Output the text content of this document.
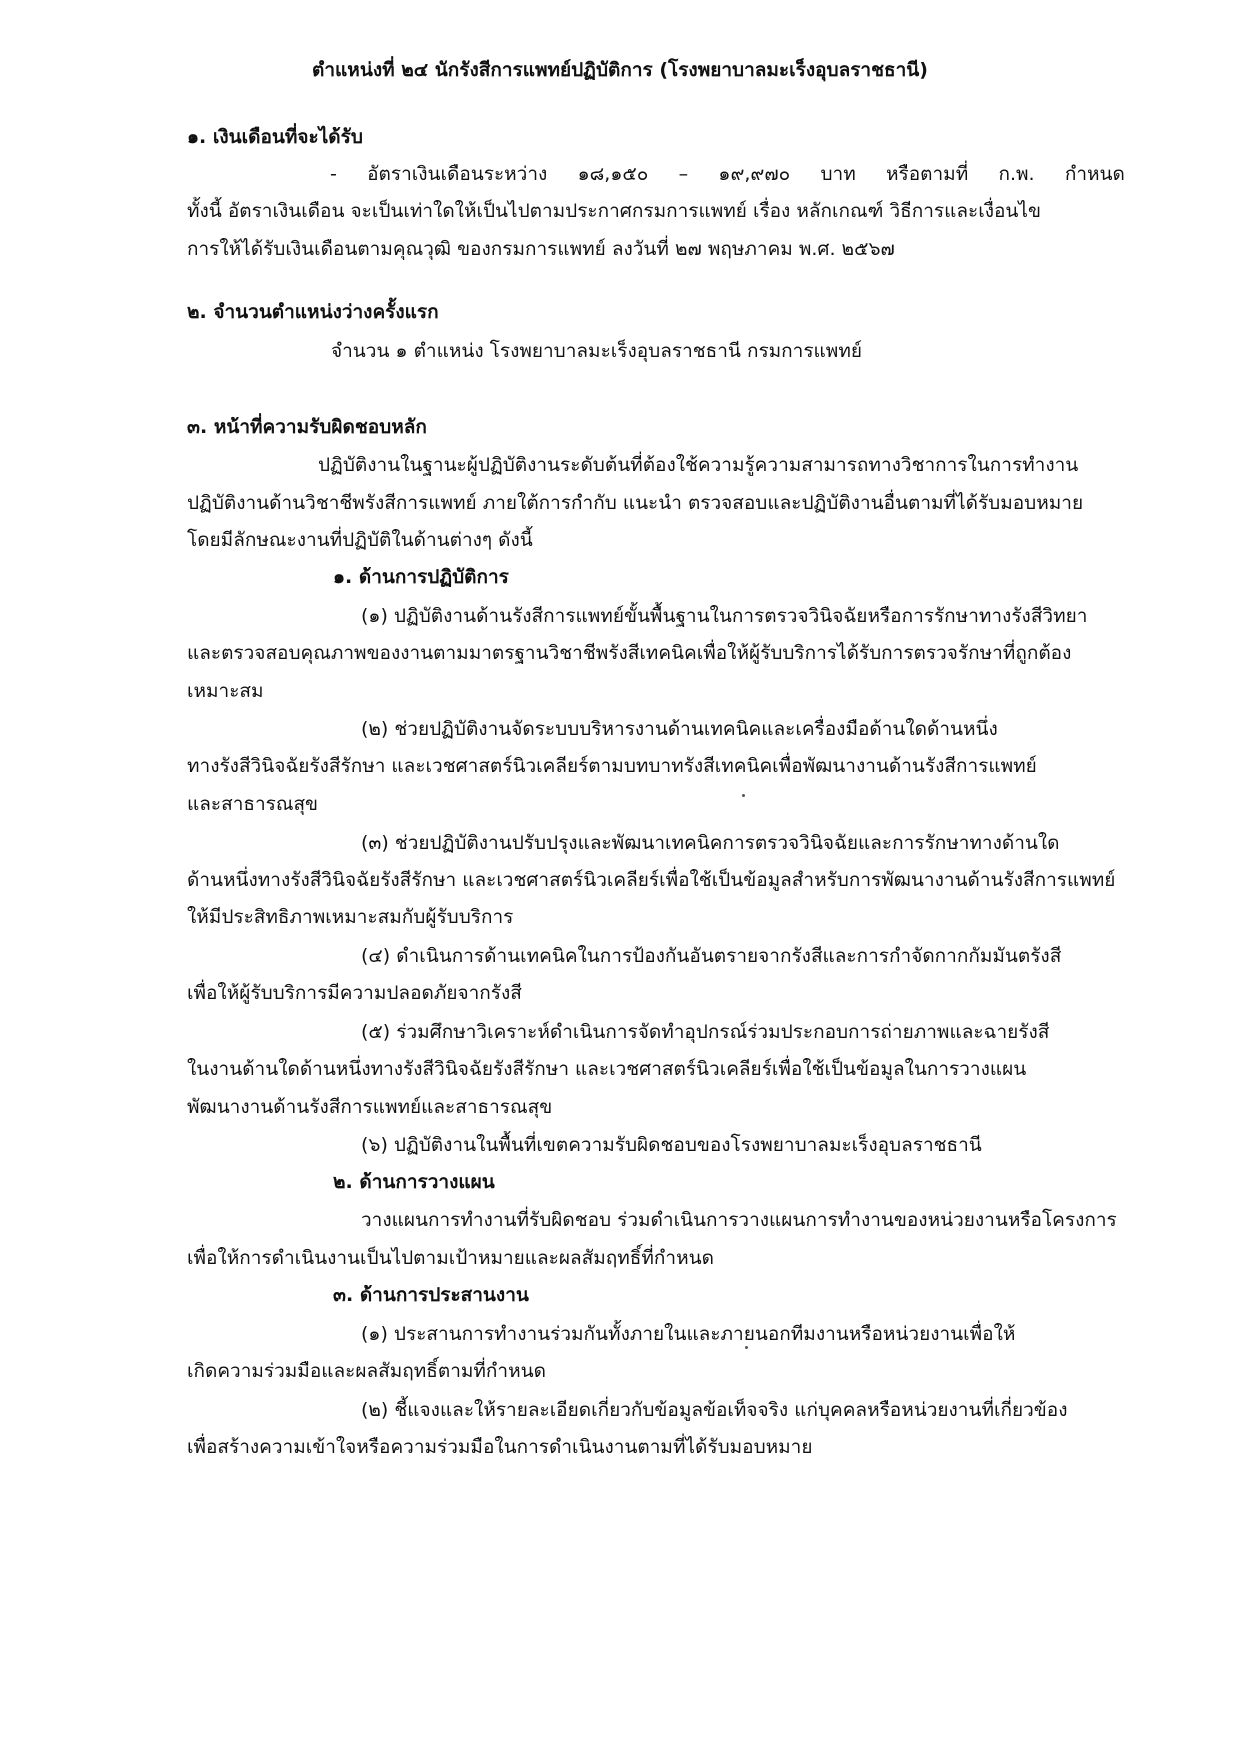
ตำแหน่งที่ ๒๔ นักรังสีการแพทย์ปฏิบัติการ (โรงพยาบาลมะเร็งอุบลราชธานี)
๑. เงินเดือนที่จะได้รับ
- อัตราเงินเดือนระหว่าง ๑๘,๑๕๐ – ๑๙,๙๗๐ บาท หรือตามที่ ก.พ. กำหนด
ทั้งนี้ อัตราเงินเดือน จะเป็นเท่าใดให้เป็นไปตามประกาศกรมการแพทย์ เรื่อง หลักเกณฑ์ วิธีการและเงื่อนไข
การให้ได้รับเงินเดือนตามคุณวุฒิ ของกรมการแพทย์ ลงวันที่ ๒๗ พฤษภาคม พ.ศ. ๒๕๖๗
๒. จำนวนตำแหน่งว่างครั้งแรก
จำนวน ๑ ตำแหน่ง โรงพยาบาลมะเร็งอุบลราชธานี กรมการแพทย์
๓. หน้าที่ความรับผิดชอบหลัก
ปฏิบัติงานในฐานะผู้ปฏิบัติงานระดับต้นที่ต้องใช้ความรู้ความสามารถทางวิชาการในการทำงาน
ปฏิบัติงานด้านวิชาชีพรังสีการแพทย์ ภายใต้การกำกับ แนะนำ ตรวจสอบและปฏิบัติงานอื่นตามที่ได้รับมอบหมาย
โดยมีลักษณะงานที่ปฏิบัติในด้านต่างๆ ดังนี้
๑. ด้านการปฏิบัติการ
(๑) ปฏิบัติงานด้านรังสีการแพทย์ขั้นพื้นฐานในการตรวจวินิจฉัยหรือการรักษาทางรังสีวิทยา
และตรวจสอบคุณภาพของงานตามมาตรฐานวิชาชีพรังสีเทคนิคเพื่อให้ผู้รับบริการได้รับการตรวจรักษาที่ถูกต้อง
เหมาะสม
(๒) ช่วยปฏิบัติงานจัดระบบบริหารงานด้านเทคนิคและเครื่องมือด้านใดด้านหนึ่ง
ทางรังสีวินิจฉัยรังสีรักษา และเวชศาสตร์นิวเคลียร์ตามบทบาทรังสีเทคนิคเพื่อพัฒนางานด้านรังสีการแพทย์
และสาธารณสุข
(๓) ช่วยปฏิบัติงานปรับปรุงและพัฒนาเทคนิคการตรวจวินิจฉัยและการรักษาทางด้านใด
ด้านหนึ่งทางรังสีวินิจฉัยรังสีรักษา และเวชศาสตร์นิวเคลียร์เพื่อใช้เป็นข้อมูลสำหรับการพัฒนางานด้านรังสีการแพทย์
ให้มีประสิทธิภาพเหมาะสมกับผู้รับบริการ
(๔) ดำเนินการด้านเทคนิคในการป้องกันอันตรายจากรังสีและการกำจัดกากกัมมันตรังสี
เพื่อให้ผู้รับบริการมีความปลอดภัยจากรังสี
(๕) ร่วมศึกษาวิเคราะห์ดำเนินการจัดทำอุปกรณ์ร่วมประกอบการถ่ายภาพและฉายรังสี
ในงานด้านใดด้านหนึ่งทางรังสีวินิจฉัยรังสีรักษา และเวชศาสตร์นิวเคลียร์เพื่อใช้เป็นข้อมูลในการวางแผน
พัฒนางานด้านรังสีการแพทย์และสาธารณสุข
(๖) ปฏิบัติงานในพื้นที่เขตความรับผิดชอบของโรงพยาบาลมะเร็งอุบลราชธานี
๒. ด้านการวางแผน
วางแผนการทำงานที่รับผิดชอบ ร่วมดำเนินการวางแผนการทำงานของหน่วยงานหรือโครงการ
เพื่อให้การดำเนินงานเป็นไปตามเป้าหมายและผลสัมฤทธิ์ที่กำหนด
๓. ด้านการประสานงาน
(๑) ประสานการทำงานร่วมกันทั้งภายในและภายนอกทีมงานหรือหน่วยงานเพื่อให้
เกิดความร่วมมือและผลสัมฤทธิ์ตามที่กำหนด
(๒) ชี้แจงและให้รายละเอียดเกี่ยวกับข้อมูลข้อเท็จจริง แก่บุคคลหรือหน่วยงานที่เกี่ยวข้อง
เพื่อสร้างความเข้าใจหรือความร่วมมือในการดำเนินงานตามที่ได้รับมอบหมาย
